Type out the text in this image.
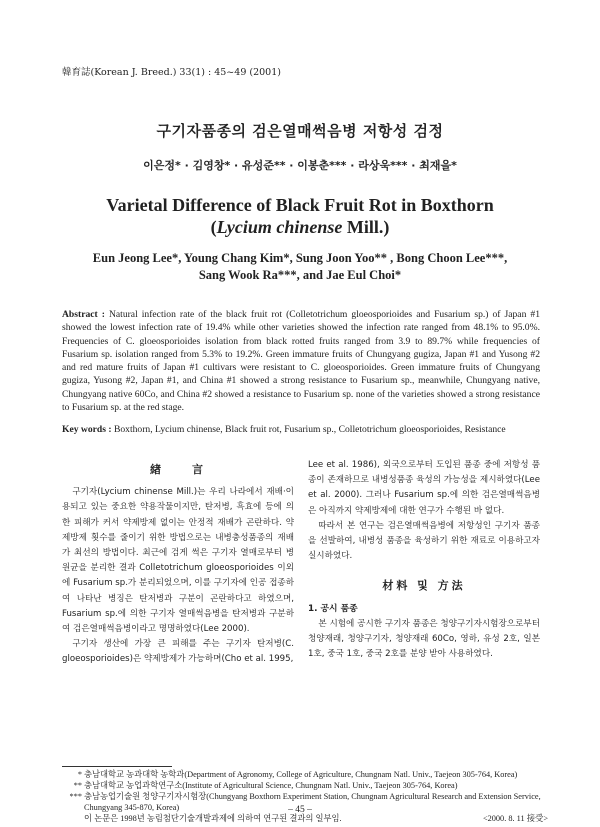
韓育誌(Korean J. Breed.) 33(1) : 45~49 (2001)
구기자품종의 검은열매썩음병 저항성 검정
이은정* · 김영창* · 유성준** · 이봉춘*** · 라상욱*** · 최재을*
Varietal Difference of Black Fruit Rot in Boxthorn
(Lycium chinense Mill.)
Eun Jeong Lee*, Young Chang Kim*, Sung Joon Yoo** , Bong Choon Lee***,
Sang Wook Ra***, and Jae Eul Choi*
Abstract : Natural infection rate of the black fruit rot (Colletotrichum gloeosporioides and Fusarium sp.) of Japan #1 showed the lowest infection rate of 19.4% while other varieties showed the infection rate ranged from 48.1% to 95.0%. Frequencies of C. gloeosporioides isolation from black rotted fruits ranged from 3.9 to 89.7% while frequencies of Fusarium sp. isolation ranged from 5.3% to 19.2%. Green immature fruits of Chungyang gugiza, Japan #1 and Yusong #2 and red mature fruits of Japan #1 cultivars were resistant to C. gloeosporioides. Green immature fruits of Chungyang gugiza, Yusong #2, Japan #1, and China #1 showed a strong resistance to Fusarium sp., meanwhile, Chungyang native, Chungyang native 60Co, and China #2 showed a resistance to Fusarium sp. none of the varieties showed a strong resistance to Fusarium sp. at the red stage.
Key words : Boxthorn, Lycium chinense, Black fruit rot, Fusarium sp., Colletotrichum gloeosporioides, Resistance
緖　　言

구기자(Lycium chinense Mill.)는 우리 나라에서 재배·이용되고 있는 중요한 약용작물이지만, 탄저병, 흑효에 등에 의한 피해가 커서 약제방제 없이는 안정적 재배가 곤란하다. 약제방제 횟수를 줄이기 위한 방법으로는 내병충성품종의 재배가 최선의 방법이다. 최근에 검게 썩은 구기자 열매로부터 병원균을 분리한 결과 Colletotrichum gloeosporioides 이외에 Fusarium sp.가 분리되었으며, 이를 구기자에 인공 접종하여 나타난 병징은 탄저병과 구분이 곤란하다고 하였으며, Fusarium sp.에 의한 구기자 열매썩음병을 탄저병과 구분하여 검은열매썩음병이라고 명명하였다(Lee 2000).

구기자 생산에 가장 큰 피해를 주는 구기자 탄저병(C. gloeosporioides)은 약제방제가 가능하며(Cho et al. 1995,

Lee et al. 1986), 외국으로부터 도입된 품종 중에 저항성 품종이 존재하므로 내병성품종 육성의 가능성을 제시하였다(Lee et al. 2000). 그러나 Fusarium sp.에 의한 검은열매썩음병은 아직까지 약제방제에 대한 연구가 수행된 바 없다.

따라서 본 연구는 검은열매썩음병에 저항성인 구기자 품종을 선발하여, 내병성 품종을 육성하기 위한 재료로 이용하고자 실시하였다.

材料 및 方法
1. 공시 품종

본 시험에 공시한 구기자 품종은 청양구기자시험장으로부터 청양재래, 청양구기자, 청양재래 60Co, 영하, 유성 2호, 일본 1호, 중국 1호, 중국 2호를 분양 받아 사용하였다.

* 충남대학교 농과대학 농학과(Department of Agronomy, College of Agriculture, Chungnam Natl. Univ., Taejeon 305-764, Korea)
** 충남대학교 농업과학연구소(Institute of Agricultural Science, Chungnam Natl. Univ., Taejeon 305-764, Korea)
*** 충남농업기술원 청양구기자시험장(Chungyang Boxthorn Experiment Station, Chungnam Agricultural Research and Extension Service, Chungyang 345-870, Korea)
이 논문은 1998년 농림첨단기술개발과제에 의하여 연구된 결과의 일부임.	<2000. 8. 11 接受>
– 45 –
